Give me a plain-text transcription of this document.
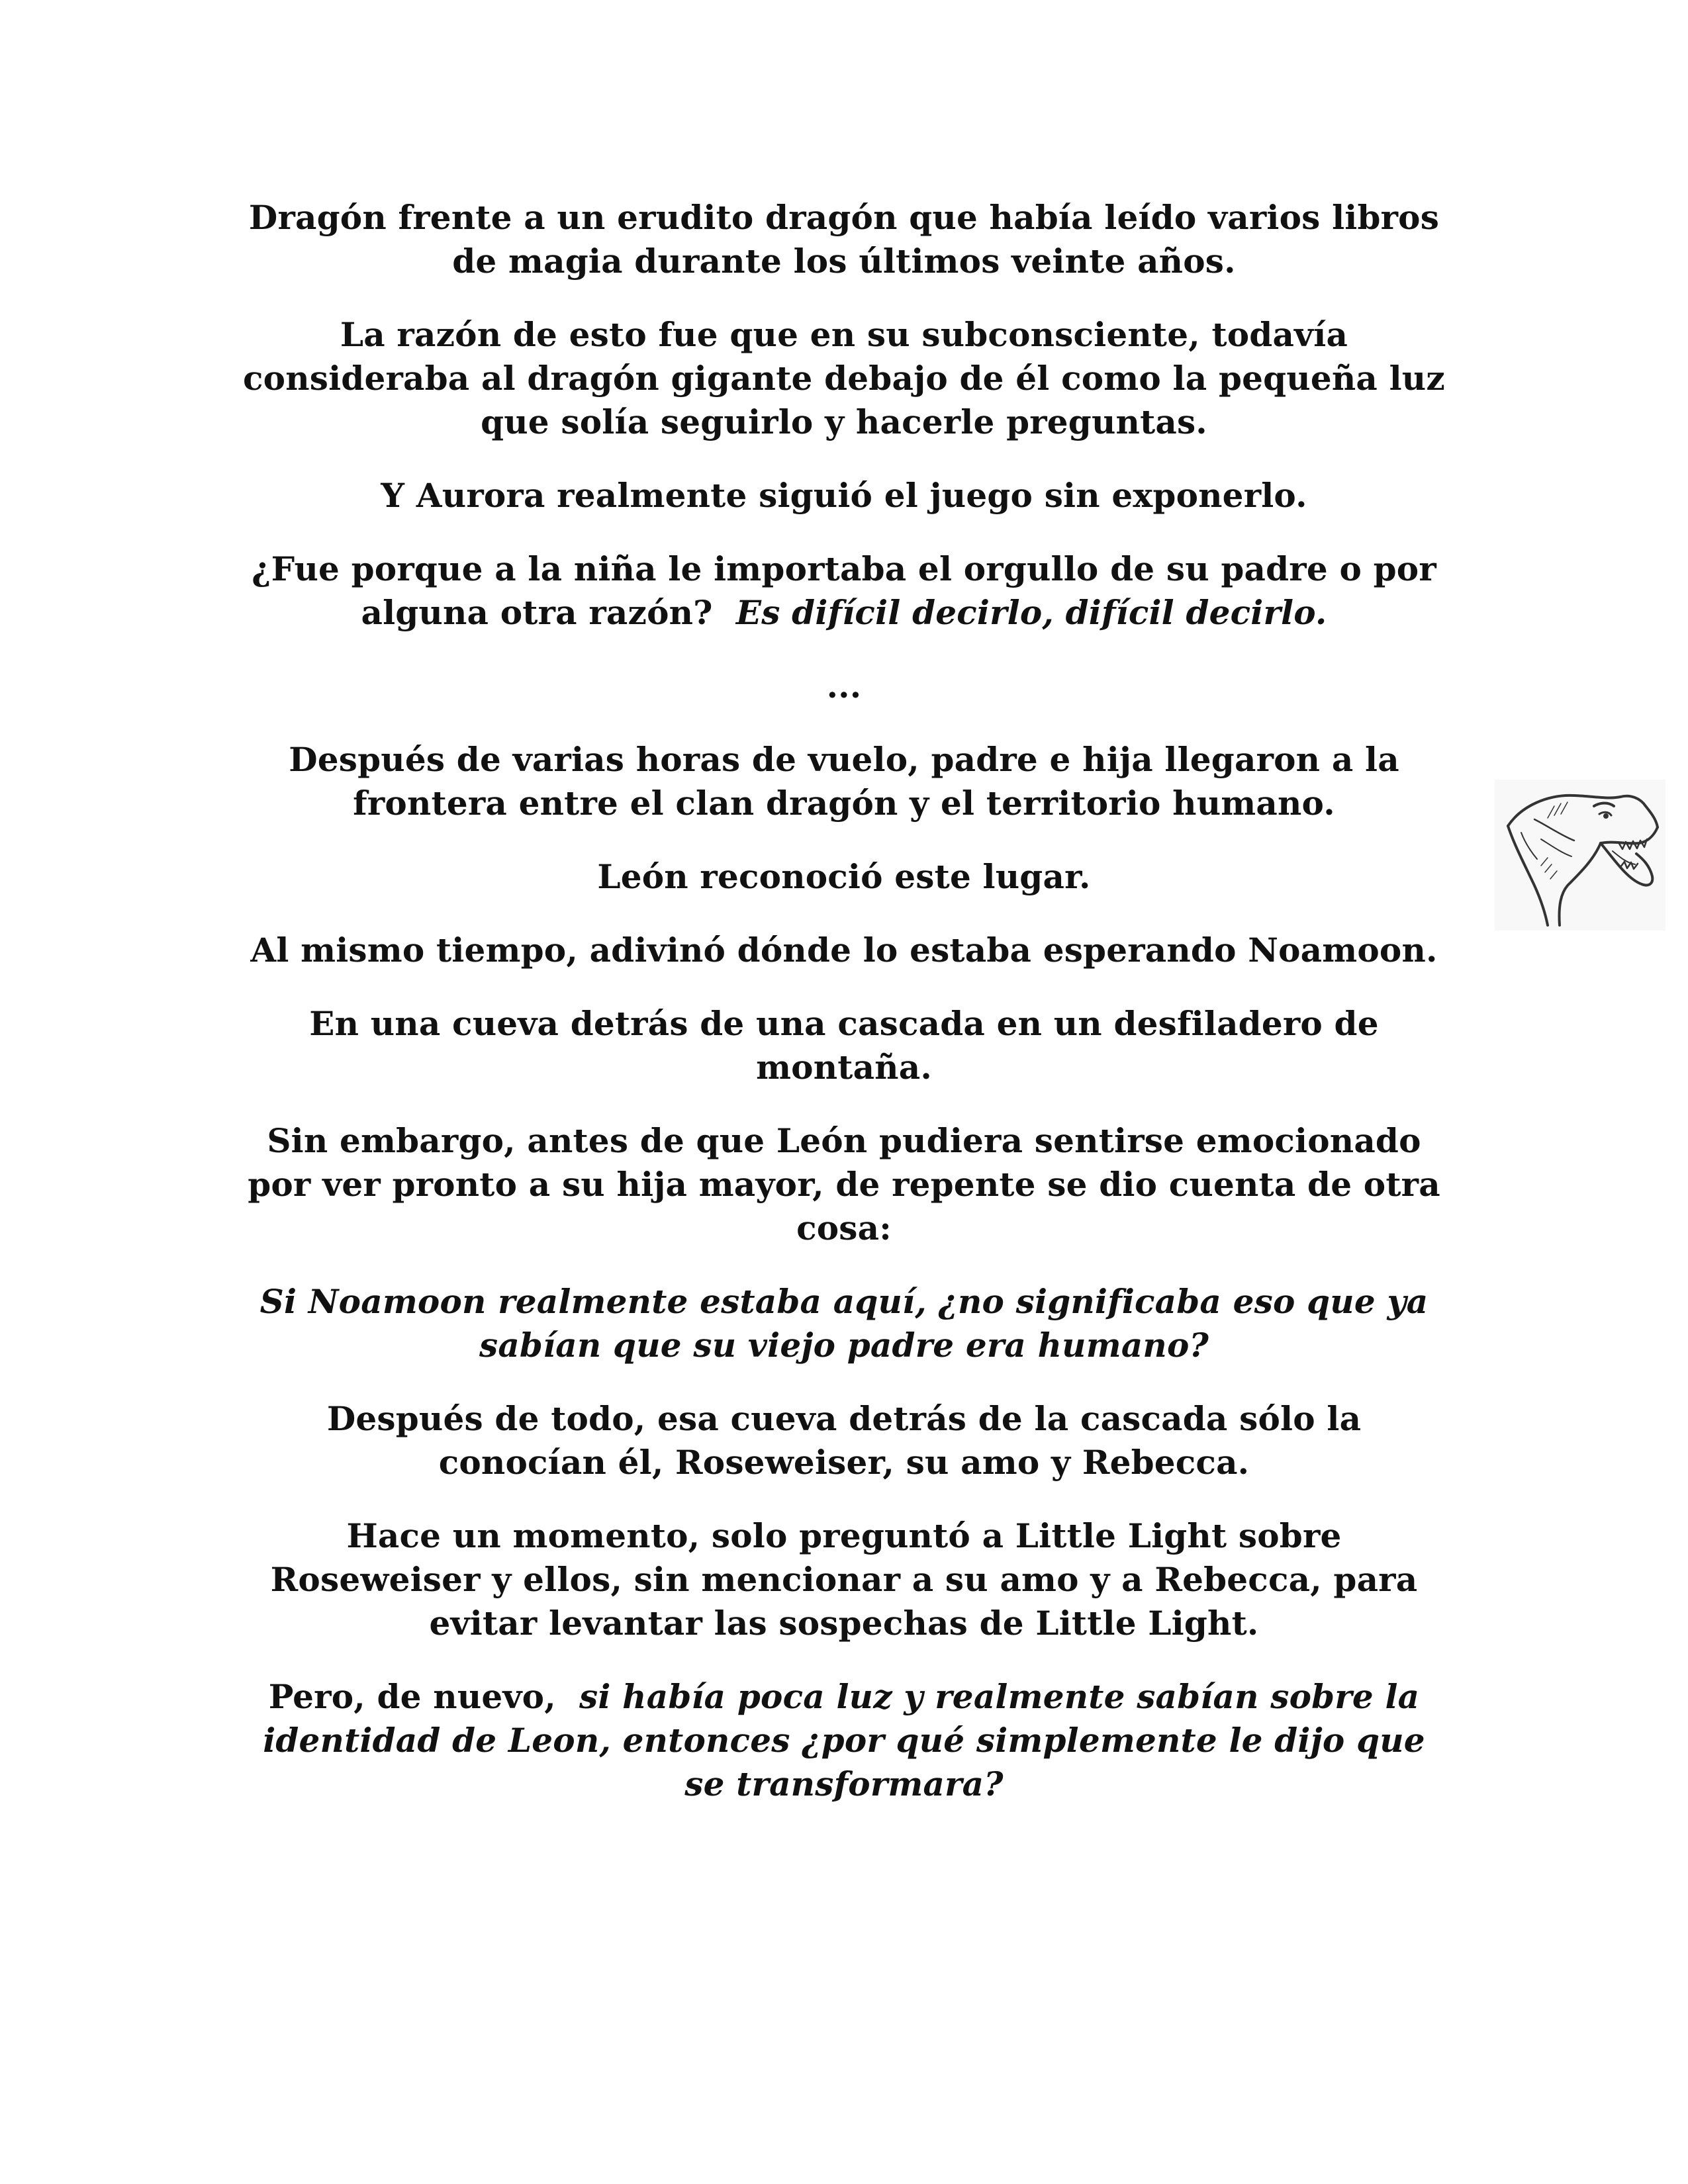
Dragón frente a un erudito dragón que había leído varios libros de magia durante los últimos veinte años.

La razón de esto fue que en su subconsciente, todavía consideraba al dragón gigante debajo de él como la pequeña luz que solía seguirlo y hacerle preguntas.

Y Aurora realmente siguió el juego sin exponerlo.

¿Fue porque a la niña le importaba el orgullo de su padre o por alguna otra razón? Es difícil decirlo, difícil decirlo.

...

Después de varias horas de vuelo, padre e hija llegaron a la frontera entre el clan dragón y el territorio humano.

León reconoció este lugar.

Al mismo tiempo, adivinó dónde lo estaba esperando Noamoon.

En una cueva detrás de una cascada en un desfiladero de montaña.

Sin embargo, antes de que León pudiera sentirse emocionado por ver pronto a su hija mayor, de repente se dio cuenta de otra cosa:

Si Noamoon realmente estaba aquí, ¿no significaba eso que ya sabían que su viejo padre era humano?

Después de todo, esa cueva detrás de la cascada sólo la conocían él, Roseweiser, su amo y Rebecca.

Hace un momento, solo preguntó a Little Light sobre Roseweiser y ellos, sin mencionar a su amo y a Rebecca, para evitar levantar las sospechas de Little Light.

Pero, de nuevo, si había poca luz y realmente sabían sobre la identidad de Leon, entonces ¿por qué simplemente le dijo que se transformara?
